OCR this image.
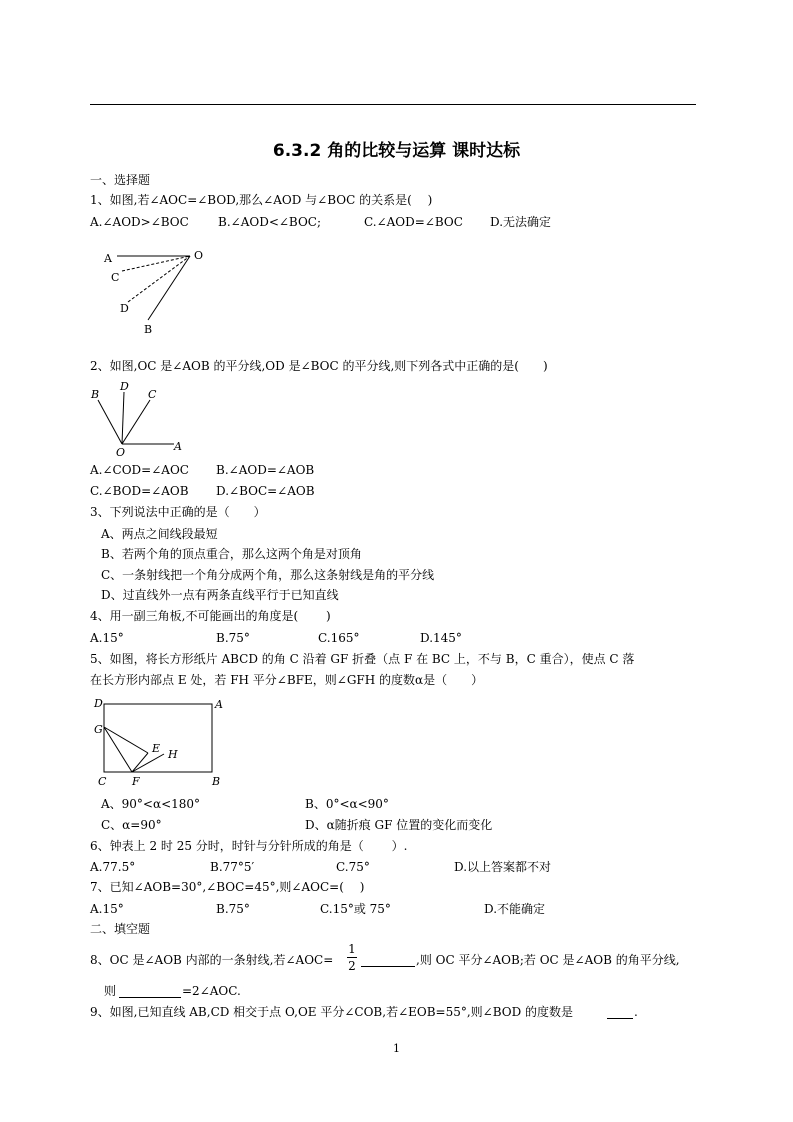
6.3.2 角的比较与运算 课时达标
一、选择题
1、如图,若∠AOC=∠BOD,那么∠AOD 与∠BOC 的关系是(　 )
A.∠AOD>∠BOC B.∠AOD<∠BOC;	C.∠AOD=∠BOC D.无法确定
A
C
D
B
O
2、如图,OC 是∠AOB 的平分线,OD 是∠BOC 的平分线,则下列各式中正确的是(　　)
B
D
C
O	A
A.∠COD=∠AOC B.∠AOD=∠AOB
C.∠BOD=∠AOB D.∠BOC=∠AOB
3、下列说法中正确的是（　　）
A、两点之间线段最短
B、若两个角的顶点重合，那么这两个角是对顶角
C、一条射线把一个角分成两个角，那么这条射线是角的平分线
D、过直线外一点有两条直线平行于已知直线
4、用一副三角板,不可能画出的角度是(　　 )
A.15°	B.75°	C.165°	D.145°
5、如图，将长方形纸片 ABCD 的角 C 沿着 GF 折叠（点 F 在 BC 上，不与 B，C 重合），使点 C 落
在长方形内部点 E 处，若 FH 平分∠BFE，则∠GFH 的度数α是（　　）
D	A
G
E H
C F	B
A、90°<α<180°	B、0°<α<90°
C、α=90°	D、α随折痕 GF 位置的变化而变化
6、钟表上 2 时 25 分时，时针与分针所成的角是（　　 ）.
A.77.5°	B.77°5′	C.75°	D.以上答案都不对
7、已知∠AOB=30°,∠BOC=45°,则∠AOC=(　 )
A.15°	B.75°	C.15°或 75°	D.不能确定
二、填空题
8、OC 是∠AOB 内部的一条射线,若∠AOC=
1
2	,则 OC 平分∠AOB;若 OC 是∠AOB 的角平分线,
则	=2∠AOC.
9、如图,已知直线 AB,CD 相交于点 O,OE 平分∠COB,若∠EOB=55°,则∠BOD 的度数是	.
1
